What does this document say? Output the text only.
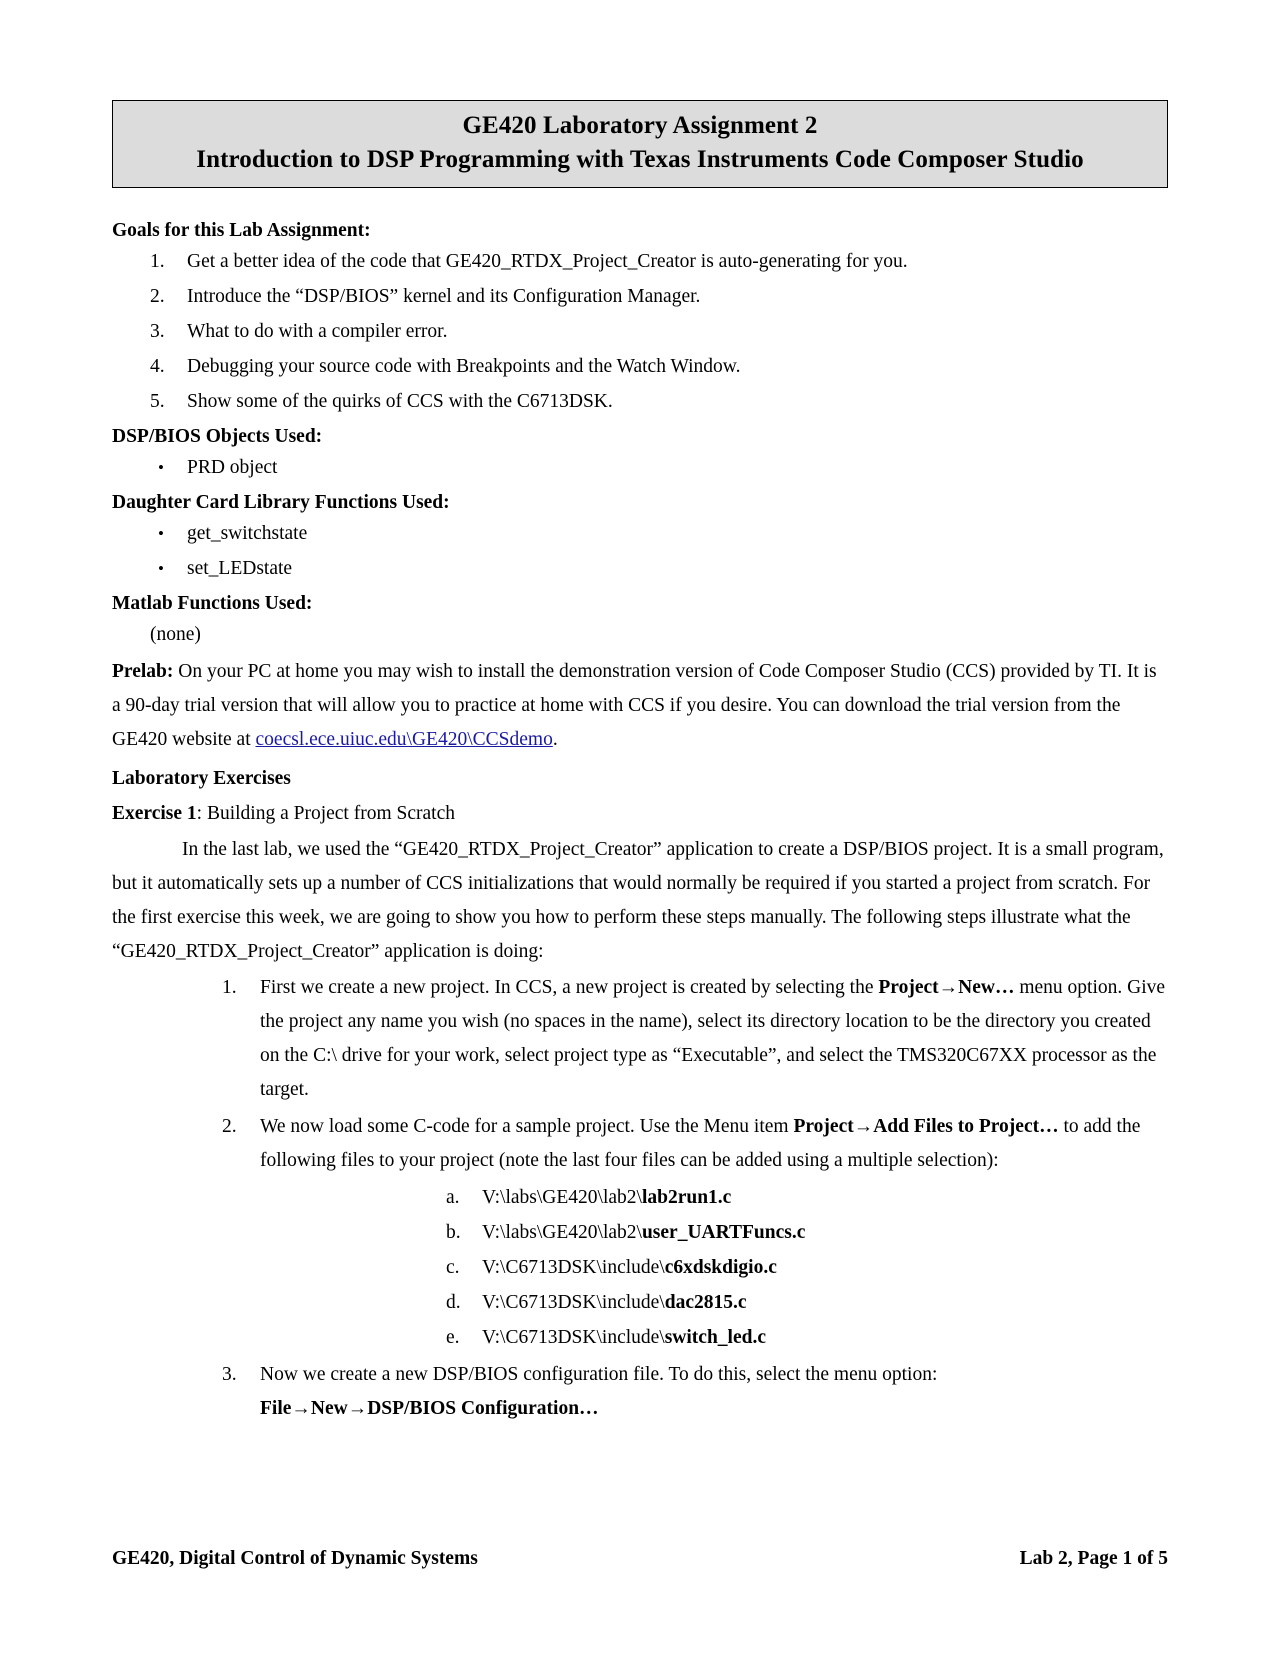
GE420 Laboratory Assignment 2
Introduction to DSP Programming with Texas Instruments Code Composer Studio
Goals for this Lab Assignment:
1.	Get a better idea of the code that GE420_RTDX_Project_Creator is auto-generating for you.
2.	Introduce the “DSP/BIOS” kernel and its Configuration Manager.
3.	What to do with a compiler error.
4.	Debugging your source code with Breakpoints and the Watch Window.
5.	Show some of the quirks of CCS with the C6713DSK.
DSP/BIOS Objects Used:
• PRD object
Daughter Card Library Functions Used:
• get_switchstate
• set_LEDstate
Matlab Functions Used:
(none)

Prelab: On your PC at home you may wish to install the demonstration version of Code Composer Studio (CCS) provided by TI. It is a 90-day trial version that will allow you to practice at home with CCS if you desire. You can download the trial version from the GE420 website at coecsl.ece.uiuc.edu\GE420\CCSdemo.

Laboratory Exercises

Exercise 1: Building a Project from Scratch

In the last lab, we used the “GE420_RTDX_Project_Creator” application to create a DSP/BIOS project. It is a small program, but it automatically sets up a number of CCS initializations that would normally be required if you started a project from scratch. For the first exercise this week, we are going to show you how to perform these steps manually. The following steps illustrate what the “GE420_RTDX_Project_Creator” application is doing:

1.	First we create a new project. In CCS, a new project is created by selecting the Project→New… menu option. Give the project any name you wish (no spaces in the name), select its directory location to be the directory you created on the C:\ drive for your work, select project type as “Executable”, and select the TMS320C67XX processor as the target.
2.	We now load some C-code for a sample project. Use the Menu item Project→Add Files to Project… to add the following files to your project (note the last four files can be added using a multiple selection):
a.	V:\labs\GE420\lab2\lab2run1.c
b.	V:\labs\GE420\lab2\user_UARTFuncs.c
c.	V:\C6713DSK\include\c6xdskdigio.c
d.	V:\C6713DSK\include\dac2815.c
e.	V:\C6713DSK\include\switch_led.c
3.	Now we create a new DSP/BIOS configuration file. To do this, select the menu option:
File→New→DSP/BIOS Configuration…
GE420, Digital Control of Dynamic Systems	Lab 2, Page 1 of 5
